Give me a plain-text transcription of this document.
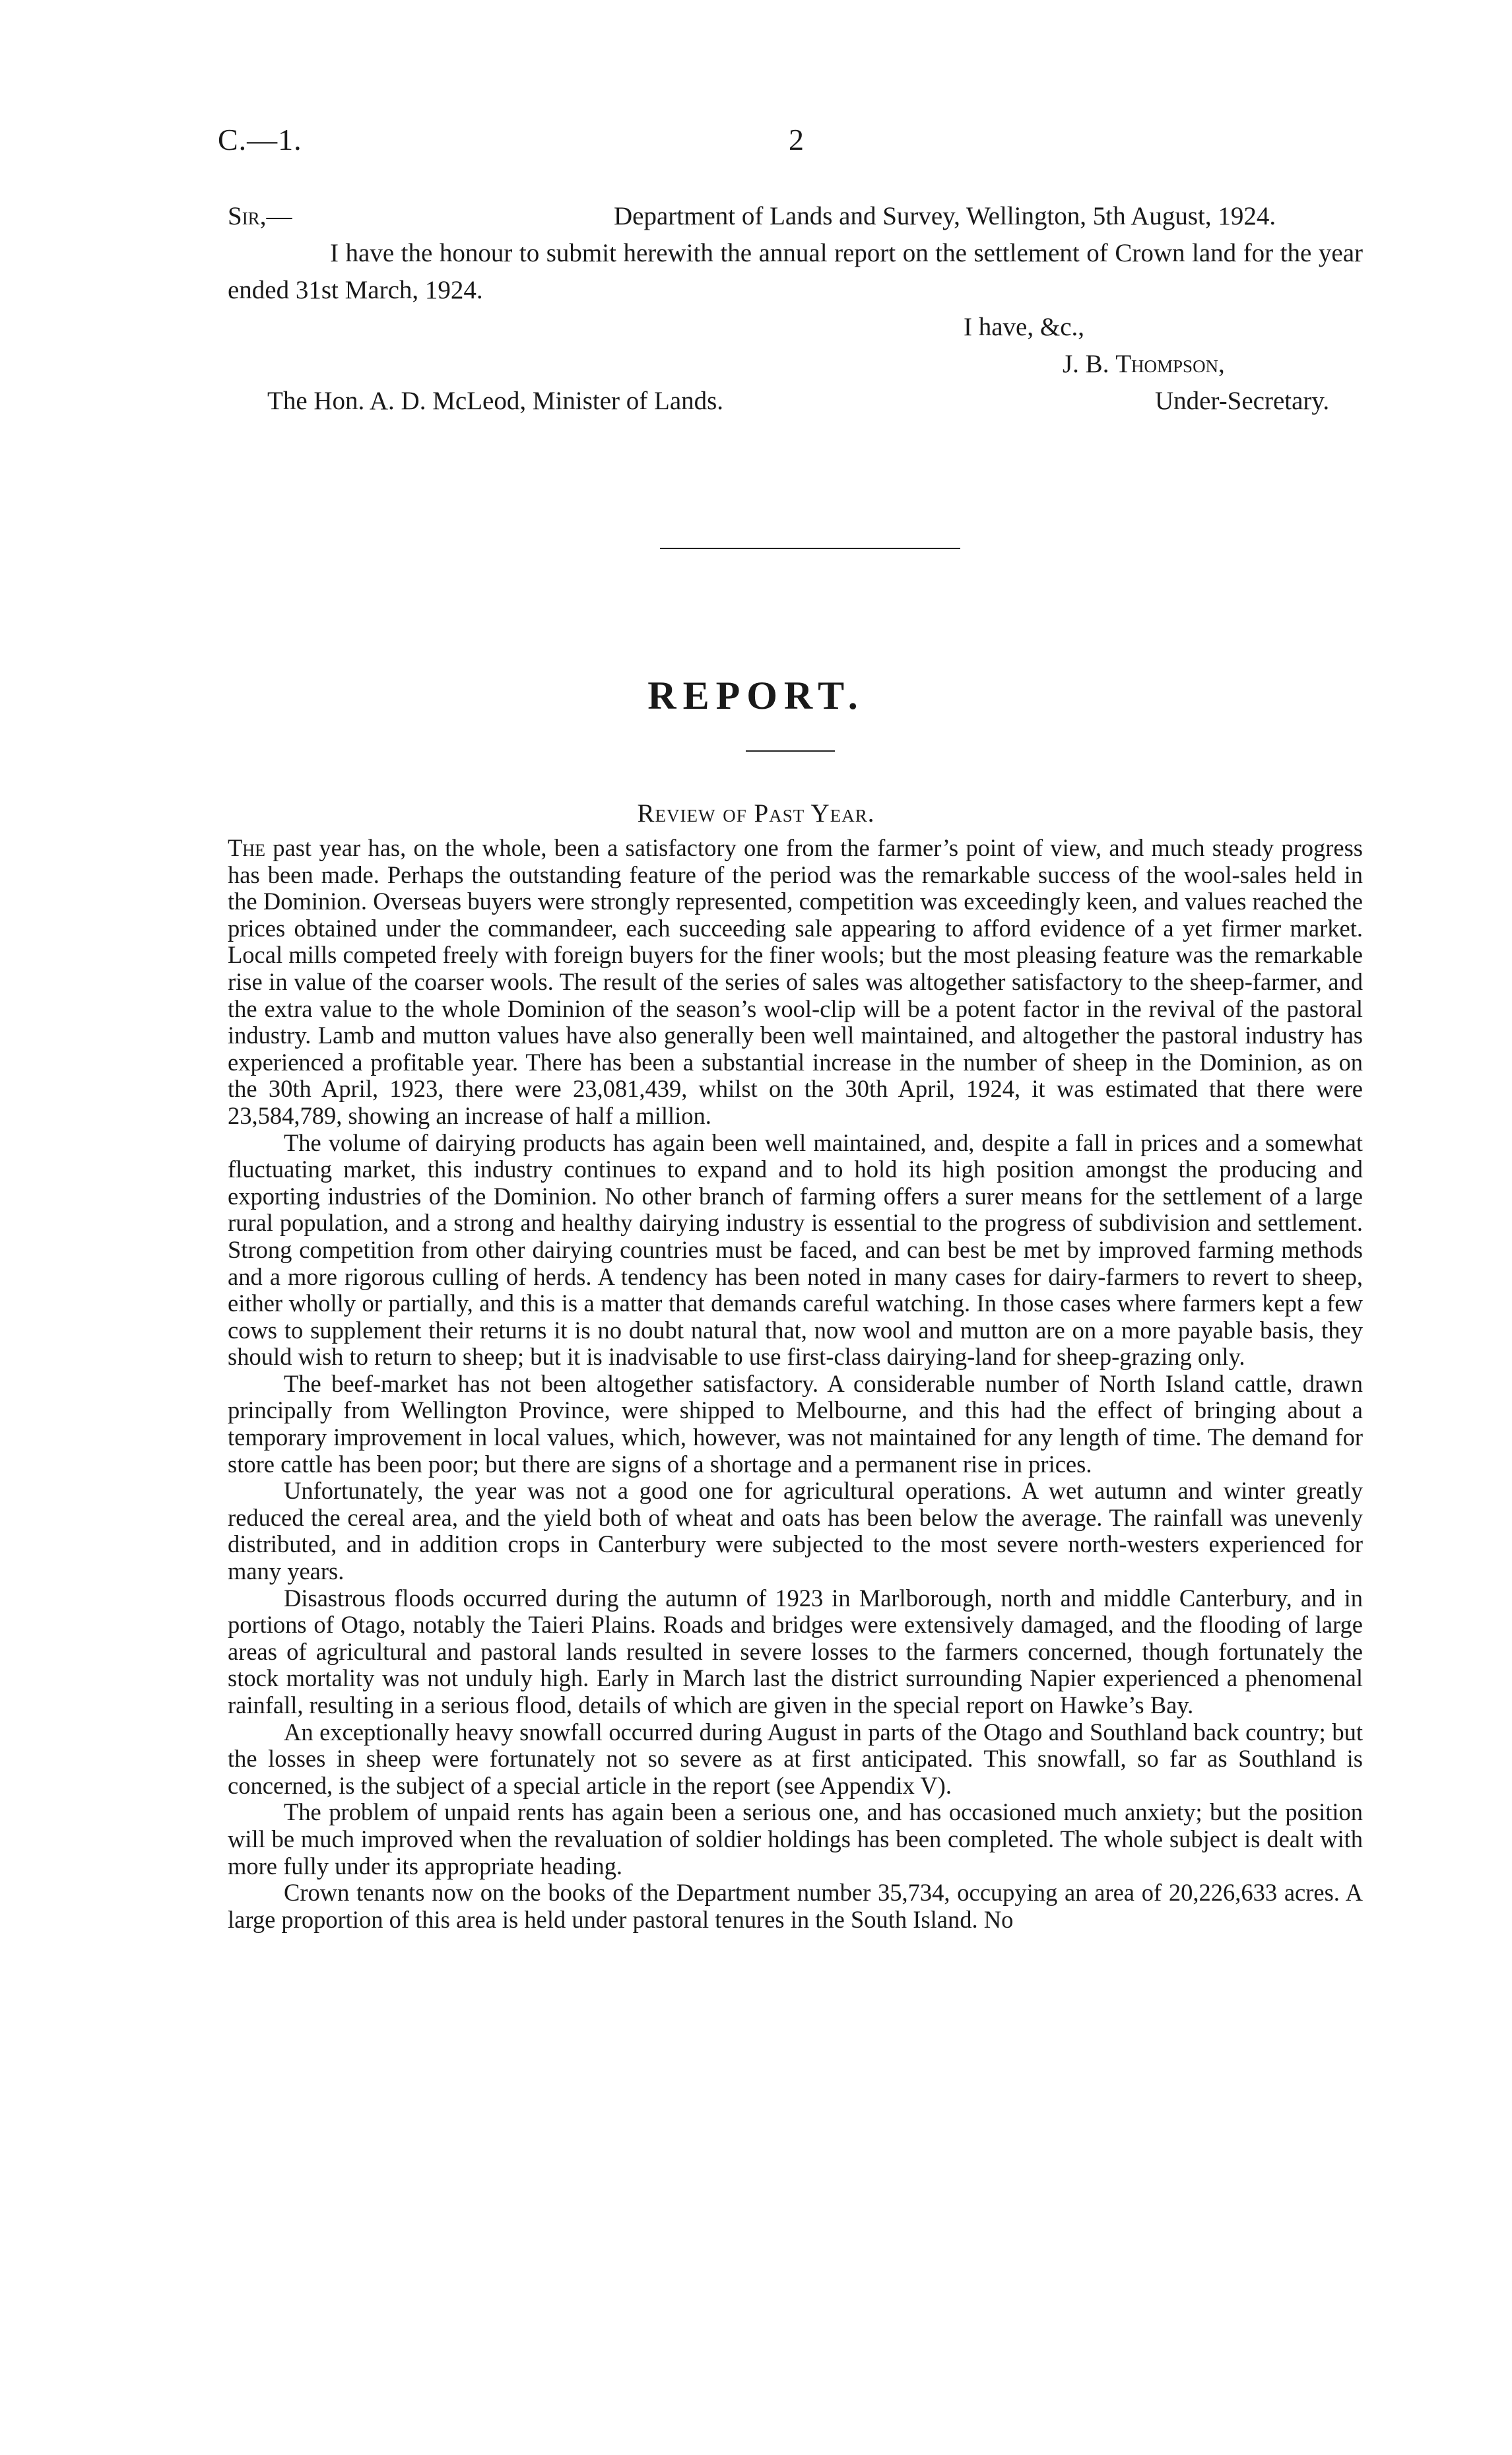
C.—1.	2
Sir,—	Department of Lands and Survey, Wellington, 5th August, 1924.

I have the honour to submit herewith the annual report on the settlement of Crown land for the year ended 31st March, 1924.

I have, &c.,
J. B. Thompson,
The Hon. A. D. McLeod, Minister of Lands.	Under-Secretary.
REPORT.
Review of Past Year.

The past year has, on the whole, been a satisfactory one from the farmer’s point of view, and much steady progress has been made. Perhaps the outstanding feature of the period was the remarkable success of the wool-sales held in the Dominion. Overseas buyers were strongly represented, competition was exceedingly keen, and values reached the prices obtained under the commandeer, each succeeding sale appearing to afford evidence of a yet firmer market. Local mills competed freely with foreign buyers for the finer wools; but the most pleasing feature was the remarkable rise in value of the coarser wools. The result of the series of sales was altogether satisfactory to the sheep-farmer, and the extra value to the whole Dominion of the season’s wool-clip will be a potent factor in the revival of the pastoral industry. Lamb and mutton values have also generally been well maintained, and altogether the pastoral industry has experienced a profitable year. There has been a substantial increase in the number of sheep in the Dominion, as on the 30th April, 1923, there were 23,081,439, whilst on the 30th April, 1924, it was estimated that there were 23,584,789, showing an increase of half a million.

The volume of dairying products has again been well maintained, and, despite a fall in prices and a somewhat fluctuating market, this industry continues to expand and to hold its high position amongst the producing and exporting industries of the Dominion. No other branch of farming offers a surer means for the settlement of a large rural population, and a strong and healthy dairying industry is essential to the progress of subdivision and settlement. Strong competition from other dairying countries must be faced, and can best be met by improved farming methods and a more rigorous culling of herds. A tendency has been noted in many cases for dairy-farmers to revert to sheep, either wholly or partially, and this is a matter that demands careful watching. In those cases where farmers kept a few cows to supplement their returns it is no doubt natural that, now wool and mutton are on a more payable basis, they should wish to return to sheep; but it is inadvisable to use first-class dairying-land for sheep-grazing only.

The beef-market has not been altogether satisfactory. A considerable number of North Island cattle, drawn principally from Wellington Province, were shipped to Melbourne, and this had the effect of bringing about a temporary improvement in local values, which, however, was not maintained for any length of time. The demand for store cattle has been poor; but there are signs of a shortage and a permanent rise in prices.

Unfortunately, the year was not a good one for agricultural operations. A wet autumn and winter greatly reduced the cereal area, and the yield both of wheat and oats has been below the average. The rainfall was unevenly distributed, and in addition crops in Canterbury were subjected to the most severe north-westers experienced for many years.

Disastrous floods occurred during the autumn of 1923 in Marlborough, north and middle Canterbury, and in portions of Otago, notably the Taieri Plains. Roads and bridges were extensively damaged, and the flooding of large areas of agricultural and pastoral lands resulted in severe losses to the farmers concerned, though fortunately the stock mortality was not unduly high. Early in March last the district surrounding Napier experienced a phenomenal rainfall, resulting in a serious flood, details of which are given in the special report on Hawke’s Bay.

An exceptionally heavy snowfall occurred during August in parts of the Otago and Southland back country; but the losses in sheep were fortunately not so severe as at first anticipated. This snowfall, so far as Southland is concerned, is the subject of a special article in the report (see Appendix V).

The problem of unpaid rents has again been a serious one, and has occasioned much anxiety; but the position will be much improved when the revaluation of soldier holdings has been completed. The whole subject is dealt with more fully under its appropriate heading.

Crown tenants now on the books of the Department number 35,734, occupying an area of 20,226,633 acres. A large proportion of this area is held under pastoral tenures in the South Island. No
